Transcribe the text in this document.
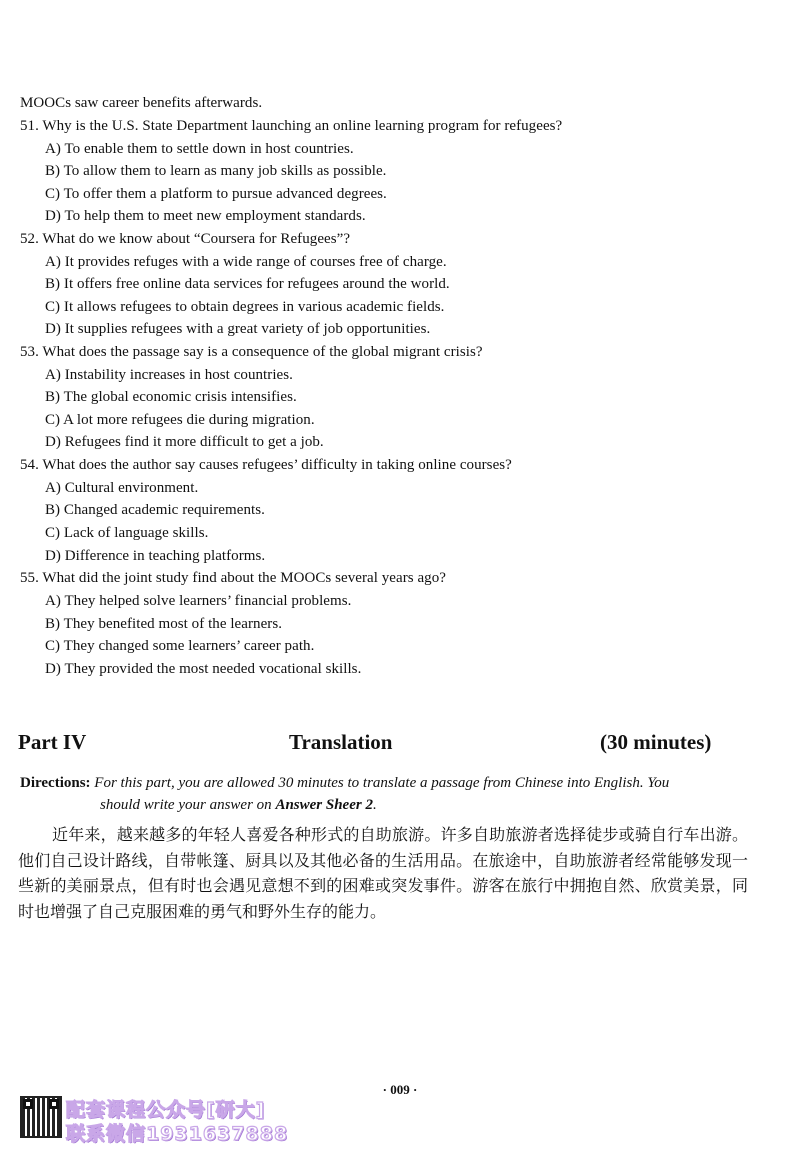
MOOCs saw career benefits afterwards.
51. Why is the U.S. State Department launching an online learning program for refugees?
A) To enable them to settle down in host countries.
B) To allow them to learn as many job skills as possible.
C) To offer them a platform to pursue advanced degrees.
D) To help them to meet new employment standards.
52. What do we know about “Coursera for Refugees”?
A) It provides refuges with a wide range of courses free of charge.
B) It offers free online data services for refugees around the world.
C) It allows refugees to obtain degrees in various academic fields.
D) It supplies refugees with a great variety of job opportunities.
53. What does the passage say is a consequence of the global migrant crisis?
A) Instability increases in host countries.
B) The global economic crisis intensifies.
C) A lot more refugees die during migration.
D) Refugees find it more difficult to get a job.
54. What does the author say causes refugees’ difficulty in taking online courses?
A) Cultural environment.
B) Changed academic requirements.
C) Lack of language skills.
D) Difference in teaching platforms.
55. What did the joint study find about the MOOCs several years ago?
A) They helped solve learners’ financial problems.
B) They benefited most of the learners.
C) They changed some learners’ career path.
D) They provided the most needed vocational skills.
Part IV	Translation	(30 minutes)
Directions: For this part, you are allowed 30 minutes to translate a passage from Chinese into English. You
should write your answer on Answer Sheer 2.
近年来，越来越多的年轻人喜爱各种形式的自助旅游。许多自助旅游者选择徒步或骑自行车出游。他们自己设计路线，自带帐篷、厨具以及其他必备的生活用品。在旅途中，自助旅游者经常能够发现一些新的美丽景点，但有时也会遇见意想不到的困难或突发事件。游客在旅行中拥抱自然、欣赏美景，同时也增强了自己克服困难的勇气和野外生存的能力。
· 009 ·
配套课程公众号[研大]
联系微信1931637888
